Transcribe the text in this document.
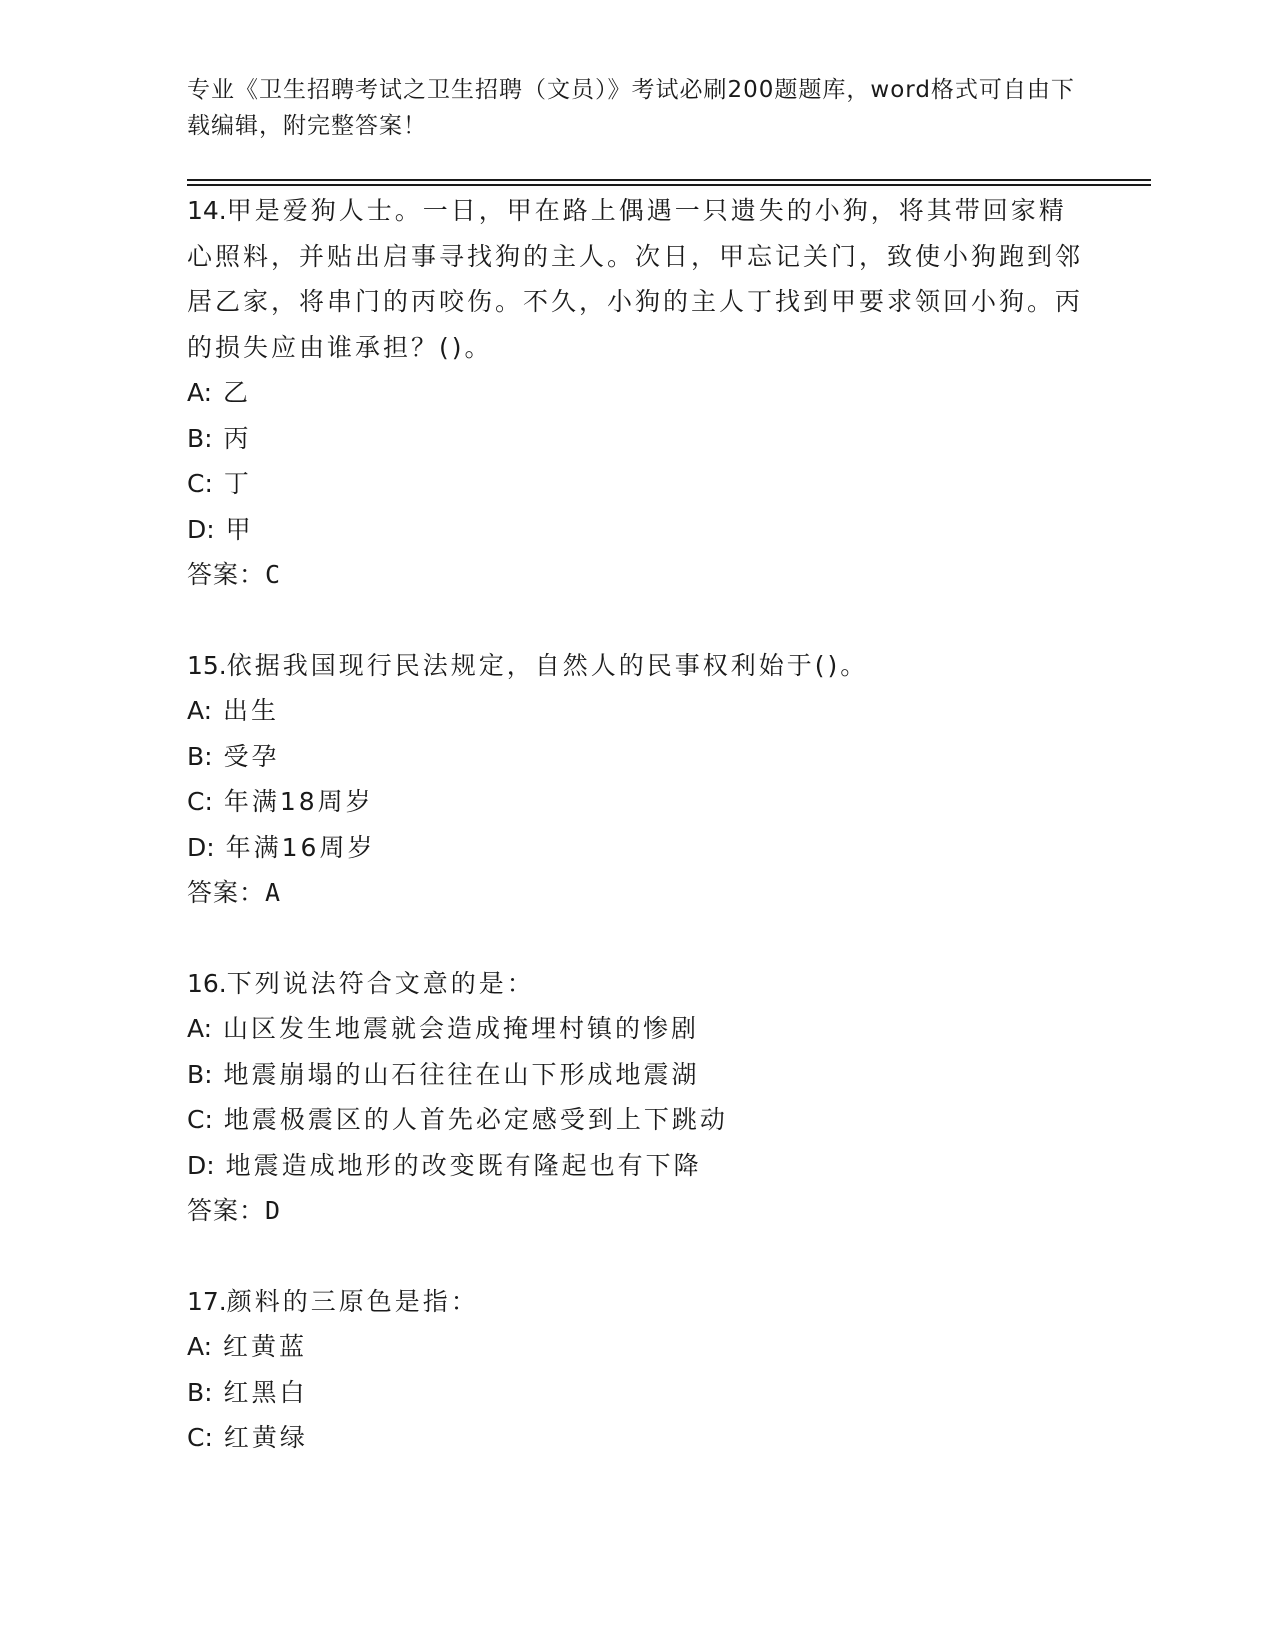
专业《卫生招聘考试之卫生招聘（文员）》考试必刷200题题库，word格式可自由下载编辑，附完整答案！
14.甲是爱狗人士。一日，甲在路上偶遇一只遗失的小狗，将其带回家精心照料，并贴出启事寻找狗的主人。次日，甲忘记关门，致使小狗跑到邻居乙家，将串门的丙咬伤。不久，小狗的主人丁找到甲要求领回小狗。丙的损失应由谁承担？()。
A: 乙
B: 丙
C: 丁
D: 甲
答案：C
15.依据我国现行民法规定，自然人的民事权利始于()。
A: 出生
B: 受孕
C: 年满18周岁
D: 年满16周岁
答案：A
16.下列说法符合文意的是：
A: 山区发生地震就会造成掩埋村镇的惨剧
B: 地震崩塌的山石往往在山下形成地震湖
C: 地震极震区的人首先必定感受到上下跳动
D: 地震造成地形的改变既有隆起也有下降
答案：D
17.颜料的三原色是指：
A: 红黄蓝
B: 红黑白
C: 红黄绿
